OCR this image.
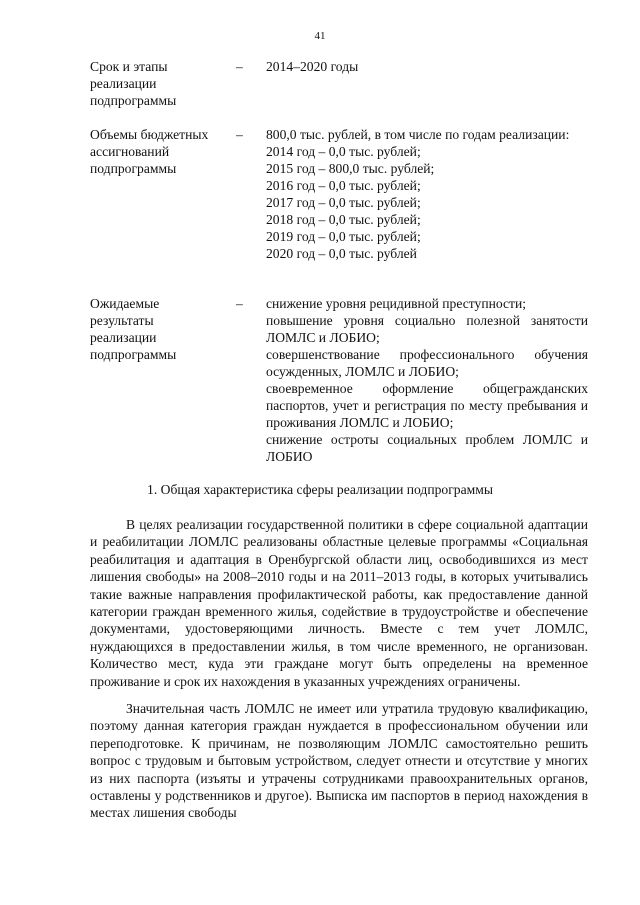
41
Срок и этапы реализации подпрограммы
– 2014–2020 годы
Объемы бюджетных ассигнований подпрограммы
– 800,0 тыс. рублей, в том числе по годам реализации:
2014 год – 0,0 тыс. рублей;
2015 год – 800,0 тыс. рублей;
2016 год – 0,0 тыс. рублей;
2017 год – 0,0 тыс. рублей;
2018 год – 0,0 тыс. рублей;
2019 год – 0,0 тыс. рублей;
2020 год – 0,0 тыс. рублей
Ожидаемые результаты реализации подпрограммы
– снижение уровня рецидивной преступности;
повышение уровня социально полезной занятости ЛОМЛС и ЛОБИО;
совершенствование профессионального обучения осужденных, ЛОМЛС и ЛОБИО;
своевременное оформление общегражданских паспортов, учет и регистрация по месту пребывания и проживания ЛОМЛС и ЛОБИО;
снижение остроты социальных проблем ЛОМЛС и ЛОБИО
1. Общая характеристика сферы реализации подпрограммы

В целях реализации государственной политики в сфере социальной адаптации и реабилитации ЛОМЛС реализованы областные целевые программы «Социальная реабилитация и адаптация в Оренбургской области лиц, освободившихся из мест лишения свободы» на 2008–2010 годы и на 2011–2013 годы, в которых учитывались такие важные направления профилактической работы, как предоставление данной категории граждан временного жилья, содействие в трудоустройстве и обеспечение документами, удостоверяющими личность. Вместе с тем учет ЛОМЛС, нуждающихся в предоставлении жилья, в том числе временного, не организован. Количество мест, куда эти граждане могут быть определены на временное проживание и срок их нахождения в указанных учреждениях ограничены.

Значительная часть ЛОМЛС не имеет или утратила трудовую квалификацию, поэтому данная категория граждан нуждается в профессиональном обучении или переподготовке. К причинам, не позволяющим ЛОМЛС самостоятельно решить вопрос с трудовым и бытовым устройством, следует отнести и отсутствие у многих из них паспорта (изъяты и утрачены сотрудниками правоохранительных органов, оставлены у родственников и другое). Выписка им паспортов в период нахождения в местах лишения свободы
